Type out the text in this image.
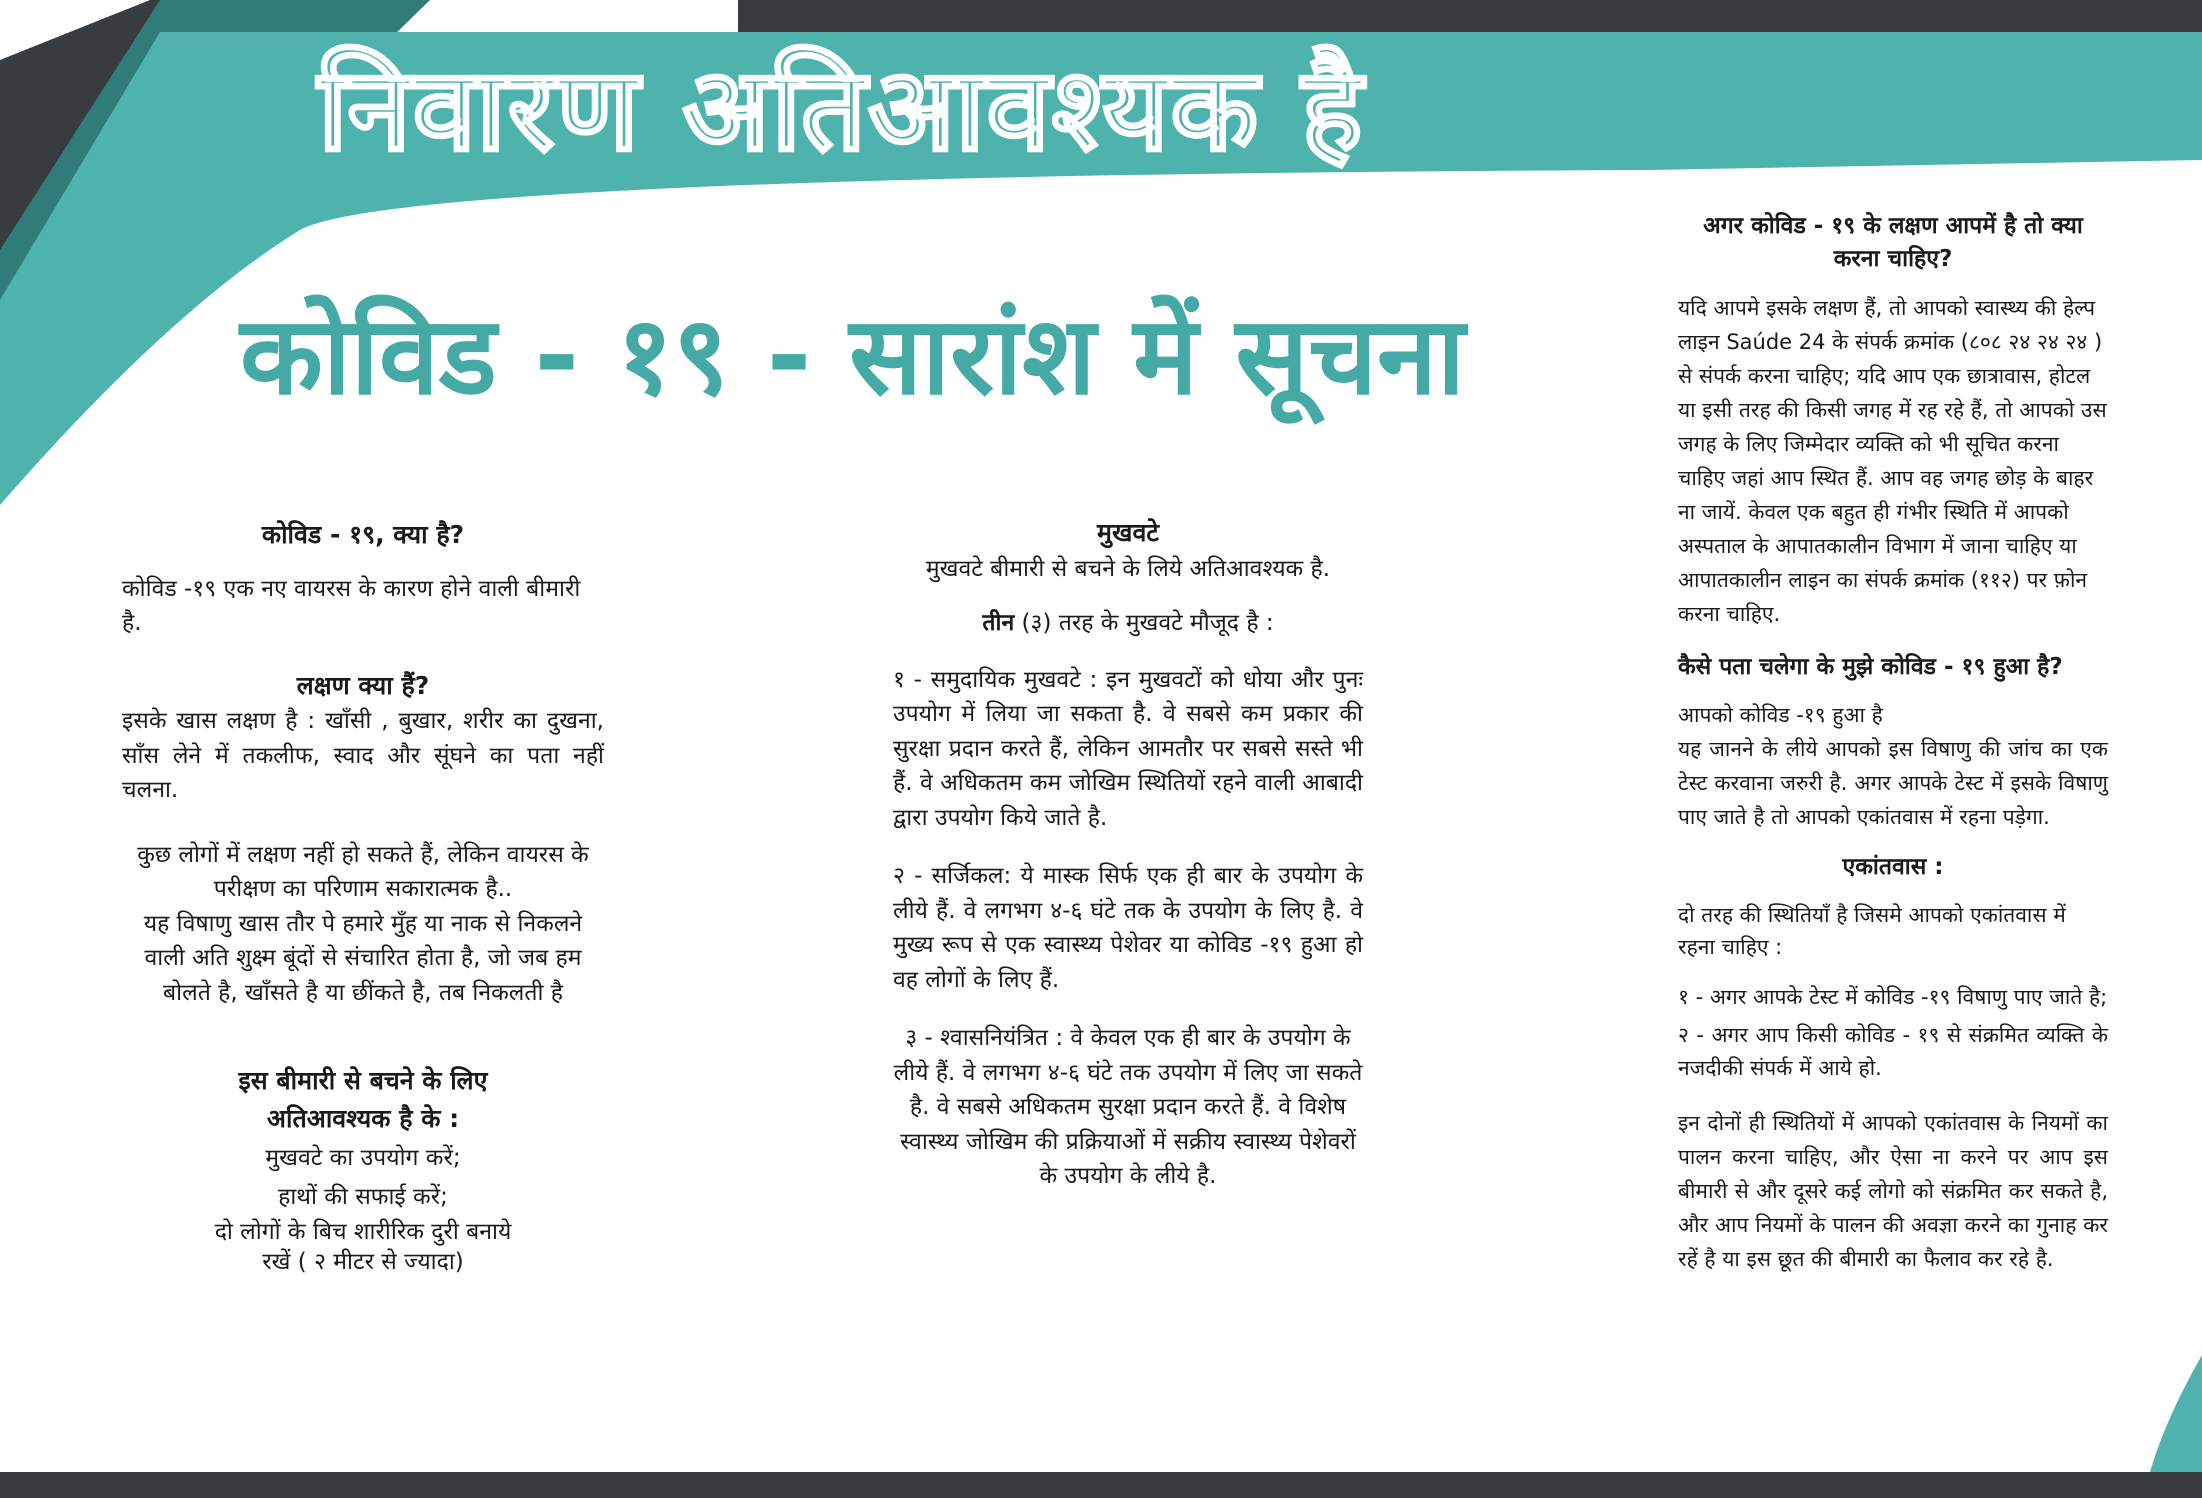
निवारण अतिआवश्यक है
कोविड - १९ - सारांश में सूचना

कोविड - १९, क्या है?

कोविड -१९ एक नए वायरस के कारण होने वाली बीमारी है.

लक्षण क्या हैं?

इसके खास लक्षण है : खाँसी , बुखार, शरीर का दुखना, साँस लेने में तकलीफ, स्वाद और सूंघने का पता नहीं चलना.

कुछ लोगों में लक्षण नहीं हो सकते हैं, लेकिन वायरस के परीक्षण का परिणाम सकारात्मक है..

यह विषाणु खास तौर पे हमारे मुँह या नाक से निकलने वाली अति शुक्ष्म बूंदों से संचारित होता है, जो जब हम बोलते है, खाँसते है या छींकते है, तब निकलती है

इस बीमारी से बचने के लिए

अतिआवश्यक है के :

मुखवटे का उपयोग करें;

हाथों की सफाई करें;

दो लोगों के बिच शारीरिक दुरी बनाये रखें ( २ मीटर से ज्यादा)

मुखवटे

मुखवटे बीमारी से बचने के लिये अतिआवश्यक है.

तीन (३) तरह के मुखवटे मौजूद है :

१ - समुदायिक मुखवटे : इन मुखवटों को धोया और पुनः उपयोग में लिया जा सकता है. वे सबसे कम प्रकार की सुरक्षा प्रदान करते हैं, लेकिन आमतौर पर सबसे सस्ते भी हैं. वे अधिकतम कम जोखिम स्थितियों रहने वाली आबादी द्वारा उपयोग किये जाते है.

२ - सर्जिकल: ये मास्क सिर्फ एक ही बार के उपयोग के लीये हैं. वे लगभग ४-६ घंटे तक के उपयोग के लिए है. वे मुख्य रूप से एक स्वास्थ्य पेशेवर या कोविड -१९ हुआ हो वह लोगों के लिए हैं.

३ - श्वासनियंत्रित : वे केवल एक ही बार के उपयोग के लीये हैं. वे लगभग ४-६ घंटे तक उपयोग में लिए जा सकते है. वे सबसे अधिकतम सुरक्षा प्रदान करते हैं. वे विशेष स्वास्थ्य जोखिम की प्रक्रियाओं में सक्रीय स्वास्थ्य पेशेवरों के उपयोग के लीये है.

अगर कोविड - १९ के लक्षण आपमें है तो क्या करना चाहिए?

यदि आपमे इसके लक्षण हैं, तो आपको स्वास्थ्य की हेल्प लाइन Saúde 24 के संपर्क क्रमांक (८०८ २४ २४ २४ ) से संपर्क करना चाहिए; यदि आप एक छात्रावास, होटल या इसी तरह की किसी जगह में रह रहे हैं, तो आपको उस जगह के लिए जिम्मेदार व्यक्ति को भी सूचित करना चाहिए जहां आप स्थित हैं. आप वह जगह छोड़ के बाहर ना जायें. केवल एक बहुत ही गंभीर स्थिति में आपको अस्पताल के आपातकालीन विभाग में जाना चाहिए या आपातकालीन लाइन का संपर्क क्रमांक (११२) पर फ़ोन करना चाहिए.

कैसे पता चलेगा के मुझे कोविड - १९ हुआ है?

आपको कोविड -१९ हुआ है

यह जानने के लीये आपको इस विषाणु की जांच का एक टेस्ट करवाना जरुरी है. अगर आपके टेस्ट में इसके विषाणु पाए जाते है तो आपको एकांतवास में रहना पड़ेगा.

एकांतवास :

दो तरह की स्थितियाँ है जिसमे आपको एकांतवास में रहना चाहिए :

१ - अगर आपके टेस्ट में कोविड -१९ विषाणु पाए जाते है;

२ - अगर आप किसी कोविड - १९ से संक्रमित व्यक्ति के नजदीकी संपर्क में आये हो.

इन दोनों ही स्थितियों में आपको एकांतवास के नियमों का पालन करना चाहिए, और ऐसा ना करने पर आप इस बीमारी से और दूसरे कई लोगो को संक्रमित कर सकते है, और आप नियमों के पालन की अवज्ञा करने का गुनाह कर रहें है या इस छूत की बीमारी का फैलाव कर रहे है.
